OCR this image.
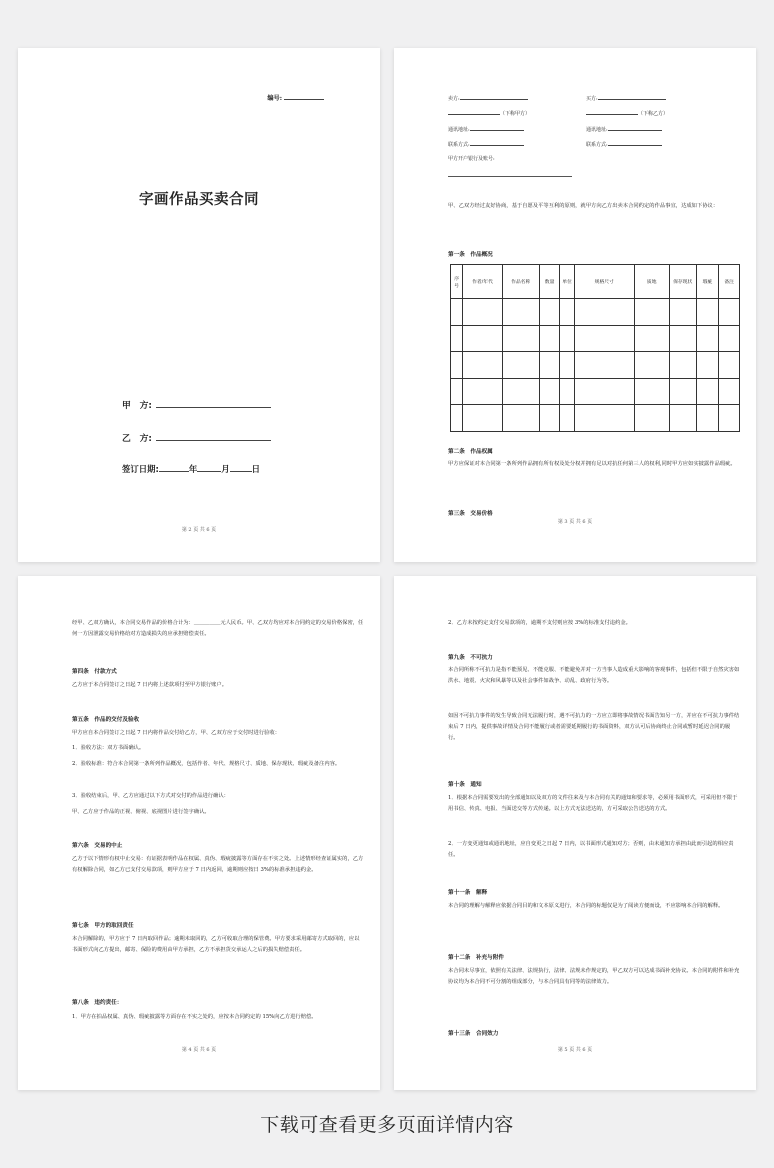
编号:
字画作品买卖合同
甲　方:
乙　方:
签订日期:	年	月	日
第 2 页 共 6 页
卖方:	买方:
（下称甲方）	（下称乙方）
通讯地址:	通讯地址:
联系方式:	联系方式:
甲方开户银行及账号:
甲、乙双方经过友好协商，基于自愿及平等互利的原则，就甲方向乙方出卖本合同约定的作品事宜，达成如下协议：
第一条　作品概况
序号	作者/年代	作品名称	数量	单位	规格尺寸	质地	保存现状	瑕疵	备注

第二条　作品权属
甲方应保证对本合同第一条所列作品拥有所有权及处分权并拥有足以对抗任何第三人的权利,同时甲方应如实披露作品瑕疵。
第三条　交易价格
第 3 页 共 6 页
经甲、乙双方确认，本合同交易作品的价格合计为：＿＿＿＿＿元人民币。甲、乙双方均应对本合同约定的交易价格保密，任何一方因泄露交易价格给对方造成损失的应承担赔偿责任。
第四条　付款方式
乙方应于本合同签订之日起 7 日内将上述款项付至甲方银行账户。
第五条　作品的交付及验收
甲方应自本合同签订之日起 7 日内将作品交付给乙方，甲、乙双方应于交付时进行验收：
1．验收方法：双方书面确认。
2．验收标准：符合本合同第一条所列作品概况，包括作者、年代、规格尺寸、质地、保存现状、瑕疵及备注内容。
3．验收结束后，甲、乙方应通过以下方式对交付的作品进行确认：
甲、乙方应于作品的正视、俯视、底视图片进行签字确认。
第六条　交易的中止
乙方于以下情形有权中止交易：有证据表明作品在权属、真伪、瑕疵披露等方面存在不实之处。上述情形经查证属实的，乙方有权解除合同，如乙方已支付交易款项，则甲方应于 7 日内返回，逾期则应按日 3%的标准承担违约金。
第七条　甲方的取回责任
本合同解除的，甲方应于 7 日内取回作品；逾期未取回的，乙方可收取合理的保管费。甲方要求采用邮寄方式取回的，应以书面形式向乙方提出，邮寄、保险的费用由甲方承担，乙方不承担货交承运人之后的损失赔偿责任。
第八条　违约责任：
1．甲方在拍品权属、真伪、瑕疵披露等方面存在不实之处的，应按本合同约定的 15%向乙方进行赔偿。
第 4 页 共 6 页
2．乙方未按约定支付交易款项的，逾期不支付则应按 3%的标准支付违约金。
第九条　不可抗力
本合同所称不可抗力是指不能预见、不能克服、不能避免并对一方当事人造成重大影响的客观事件，包括但不限于自然灾害如洪水、地震、火灾和风暴等以及社会事件如战争、动乱、政府行为等。
如因不可抗力事件的发生导致合同无法履行时，遇不可抗力的一方应立即将事故情况书面告知另一方，并应在不可抗力事件结束后 7 日内，提供事故详情及合同不能履行或者需要延期履行的书面资料，双方认可后协商终止合同或暂时延迟合同的履行。
第十条　通知
1．根据本合同需要发出的全部通知以及双方的文件往来及与本合同有关的通知和要求等，必须用书面形式，可采用但不限于用书信、传真、电报、当面送交等方式传递。以上方式无法送达的，方可采取公告送达的方式。
2．一方变更通知或通讯地址，应自变更之日起 7 日内，以书面形式通知对方；否则，由未通知方承担由此而引起的相应责任。
第十一条　解释
本合同的理解与解释应依据合同目的和文本原义进行，本合同的标题仅是为了阅读方便而设，不应影响本合同的解释。
第十二条　补充与附件
本合同未尽事宜，依照有关法律、法规执行，法律、法规未作规定的，甲乙双方可以达成书面补充协议。本合同的附件和补充协议均为本合同不可分割的组成部分，与本合同具有同等的法律效力。
第十三条　合同效力
第 5 页 共 6 页
下载可查看更多页面详情内容
